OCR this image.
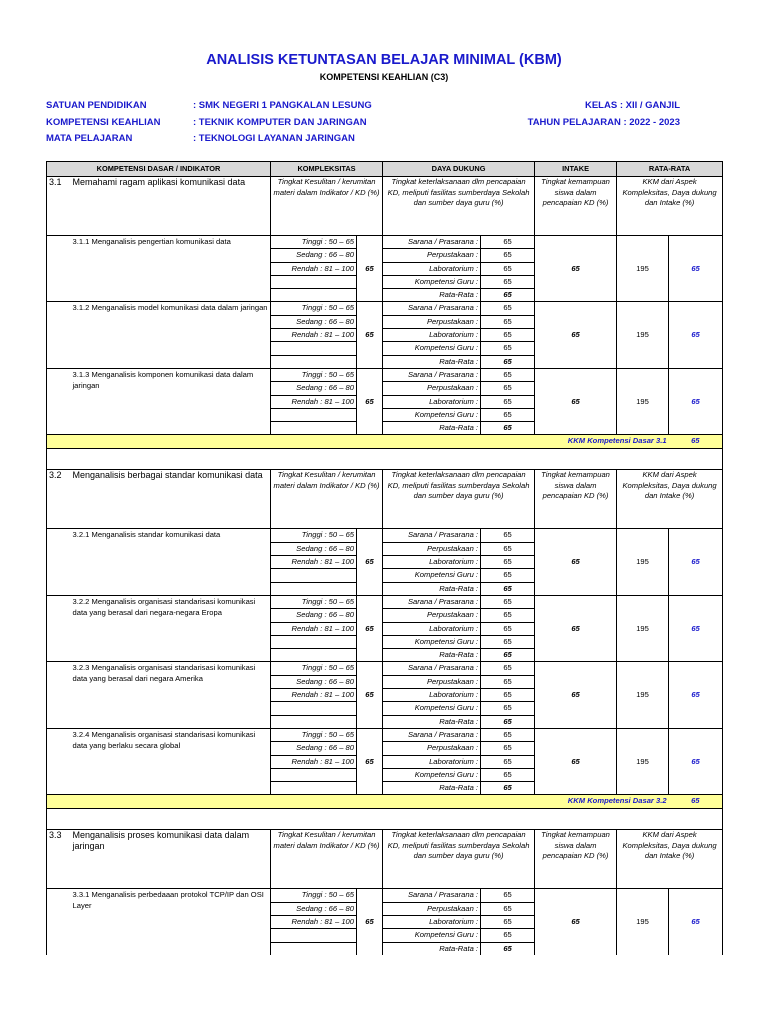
ANALISIS KETUNTASAN BELAJAR MINIMAL (KBM)
KOMPETENSI KEAHLIAN (C3)
SATUAN PENDIDIKAN	: SMK NEGERI 1 PANGKALAN LESUNG
KOMPETENSI KEAHLIAN	: TEKNIK KOMPUTER DAN JARINGAN
MATA PELAJARAN	: TEKNOLOGI LAYANAN JARINGAN
KELAS : XII / GANJIL
TAHUN PELAJARAN : 2022 - 2023
KOMPETENSI DASAR / INDIKATOR		KOMPLEKSITAS		DAYA DUKUNG		INTAKE	RATA-RATA	
3.1	Memahami ragam aplikasi komunikasi data	Tingkat Kesulitan / kerumitan materi dalam Indikator / KD (%)		Tingkat keterlaksanaan dlm pencapaian KD, meliputi fasilitas sumberdaya Sekolah dan sumber daya guru (%)		Tingkat kemampuan siswa dalam pencapaian KD (%)	KKM dari Aspek Kompleksitas, Daya dukung dan Intake (%)	
	3.1.1 Menganalisis pengertian komunikasi data	Tinggi : 50 – 65	65	Sarana / Prasarana :	65	65	195	65
		Sedang : 66 – 80		Perpustakaan :	65			
		Rendah : 81 – 100		Laboratorium :	65			
				Kompetensi Guru :	65			
				Rata-Rata :	65			
	3.1.2 Menganalisis model komunikasi data dalam jaringan	Tinggi : 50 – 65	65	Sarana / Prasarana :	65	65	195	65
		Sedang : 66 – 80		Perpustakaan :	65			
		Rendah : 81 – 100		Laboratorium :	65			
				Kompetensi Guru :	65			
				Rata-Rata :	65			
	3.1.3 Menganalisis komponen komunikasi data dalam jaringan	Tinggi : 50 – 65	65	Sarana / Prasarana :	65	65	195	65
		Sedang : 66 – 80		Perpustakaan :	65			
		Rendah : 81 – 100		Laboratorium :	65			
				Kompetensi Guru :	65			
				Rata-Rata :	65			
KKM Kompetensi Dasar 3.1								65

3.2	Menganalisis berbagai standar komunikasi data	Tingkat Kesulitan / kerumitan materi dalam Indikator / KD (%)		Tingkat keterlaksanaan dlm pencapaian KD, meliputi fasilitas sumberdaya Sekolah dan sumber daya guru (%)		Tingkat kemampuan siswa dalam pencapaian KD (%)	KKM dari Aspek Kompleksitas, Daya dukung dan Intake (%)	
	3.2.1 Menganalisis standar komunikasi data	Tinggi : 50 – 65	65	Sarana / Prasarana :	65	65	195	65
		Sedang : 66 – 80		Perpustakaan :	65			
		Rendah : 81 – 100		Laboratorium :	65			
				Kompetensi Guru :	65			
				Rata-Rata :	65			
	3.2.2 Menganalisis organisasi standarisasi komunikasi data yang berasal dari negara-negara Eropa	Tinggi : 50 – 65	65	Sarana / Prasarana :	65	65	195	65
		Sedang : 66 – 80		Perpustakaan :	65			
		Rendah : 81 – 100		Laboratorium :	65			
				Kompetensi Guru :	65			
				Rata-Rata :	65			
	3.2.3 Menganalisis organisasi standarisasi komunikasi data yang berasal dari negara Amerika	Tinggi : 50 – 65	65	Sarana / Prasarana :	65	65	195	65
		Sedang : 66 – 80		Perpustakaan :	65			
		Rendah : 81 – 100		Laboratorium :	65			
				Kompetensi Guru :	65			
				Rata-Rata :	65			
	3.2.4 Menganalisis organisasi standarisasi komunikasi data yang berlaku secara global	Tinggi : 50 – 65	65	Sarana / Prasarana :	65	65	195	65
		Sedang : 66 – 80		Perpustakaan :	65			
		Rendah : 81 – 100		Laboratorium :	65			
				Kompetensi Guru :	65			
				Rata-Rata :	65			
KKM Kompetensi Dasar 3.2								65

3.3	Menganalisis proses komunikasi data dalam jaringan	Tingkat Kesulitan / kerumitan materi dalam Indikator / KD (%)		Tingkat keterlaksanaan dlm pencapaian KD, meliputi fasilitas sumberdaya Sekolah dan sumber daya guru (%)		Tingkat kemampuan siswa dalam pencapaian KD (%)	KKM dari Aspek Kompleksitas, Daya dukung dan Intake (%)	
	3.3.1 Menganalisis perbedaaan protokol TCP/IP dan OSI Layer	Tinggi : 50 – 65	65	Sarana / Prasarana :	65	65	195	65
		Sedang : 66 – 80		Perpustakaan :	65			
		Rendah : 81 – 100		Laboratorium :	65			
				Kompetensi Guru :	65			
				Rata-Rata :	65			
